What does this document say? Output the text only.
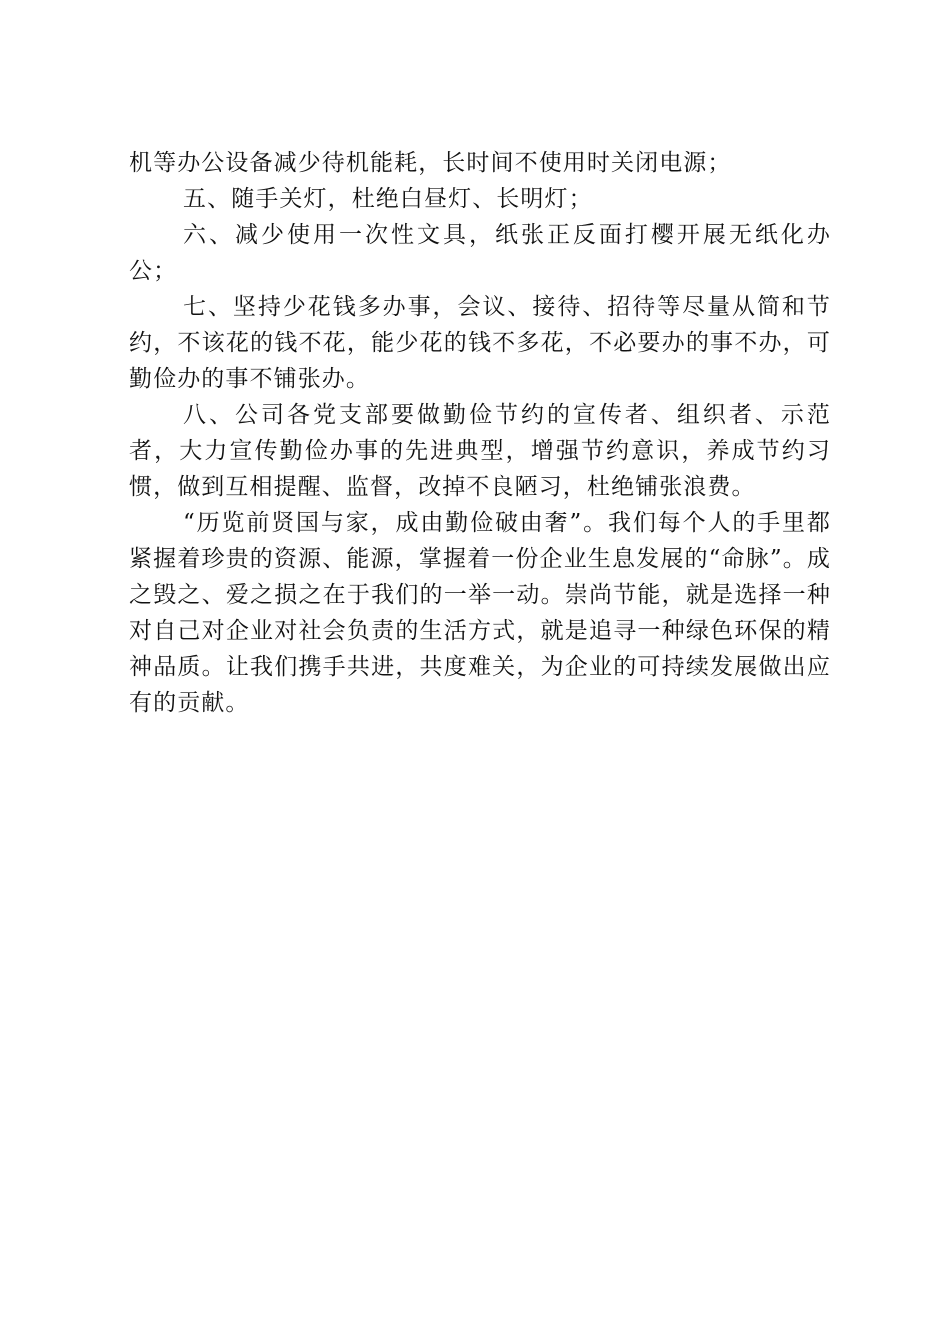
机等办公设备减少待机能耗，长时间不使用时关闭电源；

五、随手关灯，杜绝白昼灯、长明灯；

六、减少使用一次性文具，纸张正反面打樱开展无纸化办公；

七、坚持少花钱多办事，会议、接待、招待等尽量从简和节约，不该花的钱不花，能少花的钱不多花，不必要办的事不办，可勤俭办的事不铺张办。

八、公司各党支部要做勤俭节约的宣传者、组织者、示范者，大力宣传勤俭办事的先进典型，增强节约意识，养成节约习惯，做到互相提醒、监督，改掉不良陋习，杜绝铺张浪费。

“历览前贤国与家，成由勤俭破由奢”。我们每个人的手里都紧握着珍贵的资源、能源，掌握着一份企业生息发展的“命脉”。成之毁之、爱之损之在于我们的一举一动。崇尚节能，就是选择一种对自己对企业对社会负责的生活方式，就是追寻一种绿色环保的精神品质。让我们携手共进，共度难关，为企业的可持续发展做出应有的贡献。
